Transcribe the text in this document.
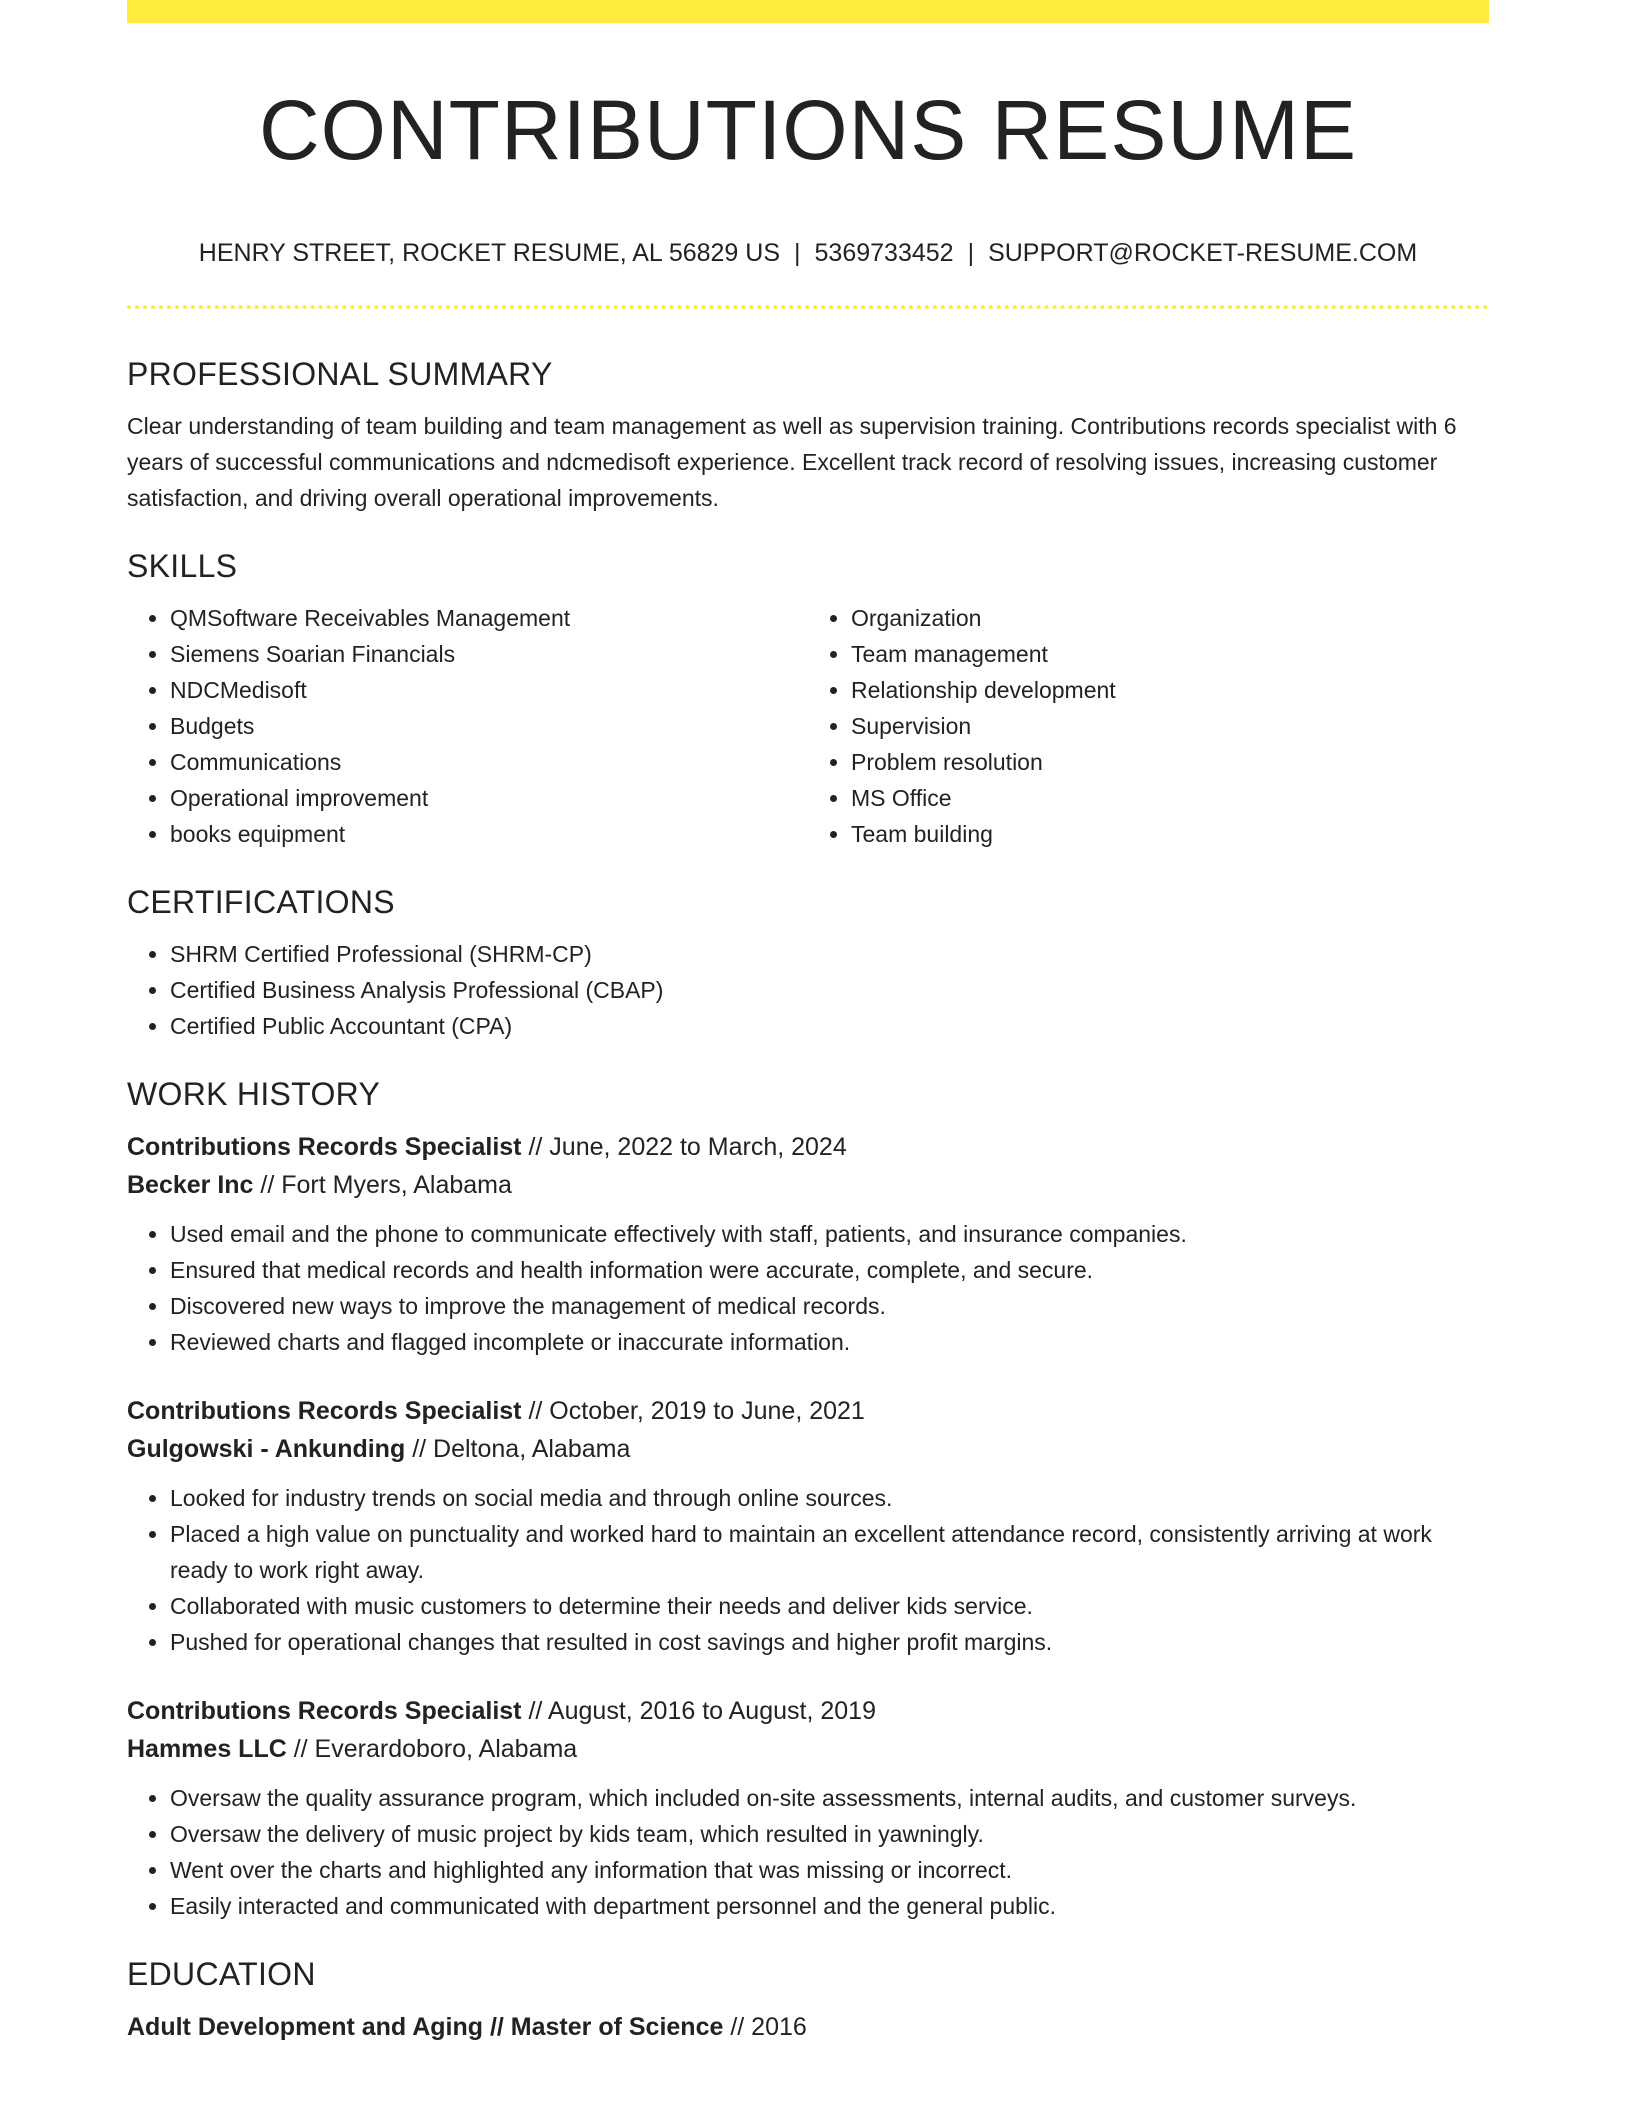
CONTRIBUTIONS RESUME
HENRY STREET, ROCKET RESUME, AL 56829 US | 5369733452 | SUPPORT@ROCKET-RESUME.COM
PROFESSIONAL SUMMARY

Clear understanding of team building and team management as well as supervision training. Contributions records specialist with 6 years of successful communications and ndcmedisoft experience. Excellent track record of resolving issues, increasing customer satisfaction, and driving overall operational improvements.

SKILLS
• QMSoftware Receivables Management
• Siemens Soarian Financials
• NDCMedisoft
• Budgets
• Communications
• Operational improvement
• books equipment
• Organization
• Team management
• Relationship development
• Supervision
• Problem resolution
• MS Office
• Team building
CERTIFICATIONS
• SHRM Certified Professional (SHRM-CP)
• Certified Business Analysis Professional (CBAP)
• Certified Public Accountant (CPA)
WORK HISTORY
Contributions Records Specialist // June, 2022 to March, 2024
Becker Inc // Fort Myers, Alabama
• Used email and the phone to communicate effectively with staff, patients, and insurance companies.
• Ensured that medical records and health information were accurate, complete, and secure.
• Discovered new ways to improve the management of medical records.
• Reviewed charts and flagged incomplete or inaccurate information.
Contributions Records Specialist // October, 2019 to June, 2021
Gulgowski - Ankunding // Deltona, Alabama
• Looked for industry trends on social media and through online sources.
• Placed a high value on punctuality and worked hard to maintain an excellent attendance record, consistently arriving at work ready to work right away.
• Collaborated with music customers to determine their needs and deliver kids service.
• Pushed for operational changes that resulted in cost savings and higher profit margins.
Contributions Records Specialist // August, 2016 to August, 2019
Hammes LLC // Everardoboro, Alabama
• Oversaw the quality assurance program, which included on-site assessments, internal audits, and customer surveys.
• Oversaw the delivery of music project by kids team, which resulted in yawningly.
• Went over the charts and highlighted any information that was missing or incorrect.
• Easily interacted and communicated with department personnel and the general public.
EDUCATION
Adult Development and Aging // Master of Science // 2016
